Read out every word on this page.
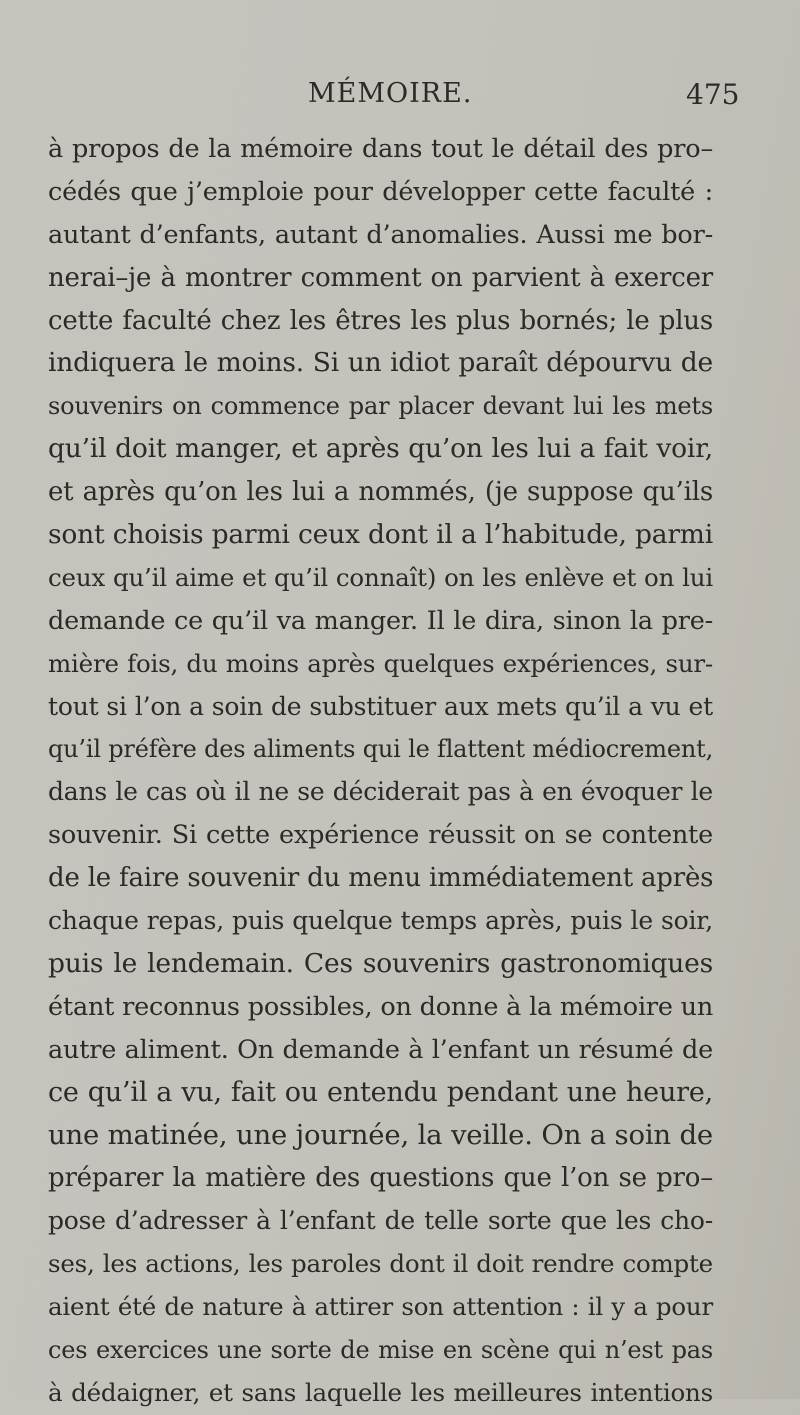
MÉMOIRE.	475
à propos de la mémoire dans tout le détail des pro–
cédés que j’emploie pour développer cette faculté :
autant d’enfants, autant d’anomalies. Aussi me bor-
nerai–je à montrer comment on parvient à exercer
cette faculté chez les êtres les plus bornés; le plus
indiquera le moins. Si un idiot paraît dépourvu de
souvenirs on commence par placer devant lui les mets
qu’il doit manger, et après qu’on les lui a fait voir,
et après qu’on les lui a nommés, (je suppose qu’ils
sont choisis parmi ceux dont il a l’habitude, parmi
ceux qu’il aime et qu’il connaît) on les enlève et on lui
demande ce qu’il va manger. Il le dira, sinon la pre-
mière fois, du moins après quelques expériences, sur-
tout si l’on a soin de substituer aux mets qu’il a vu et
qu’il préfère des aliments qui le flattent médiocrement,
dans le cas où il ne se déciderait pas à en évoquer le
souvenir. Si cette expérience réussit on se contente
de le faire souvenir du menu immédiatement après
chaque repas, puis quelque temps après, puis le soir,
puis le lendemain. Ces souvenirs gastronomiques
étant reconnus possibles, on donne à la mémoire un
autre aliment. On demande à l’enfant un résumé de
ce qu’il a vu, fait ou entendu pendant une heure,
une matinée, une journée, la veille. On a soin de
préparer la matière des questions que l’on se pro–
pose d’adresser à l’enfant de telle sorte que les cho-
ses, les actions, les paroles dont il doit rendre compte
aient été de nature à attirer son attention : il y a pour
ces exercices une sorte de mise en scène qui n’est pas
à dédaigner, et sans laquelle les meilleures intentions
